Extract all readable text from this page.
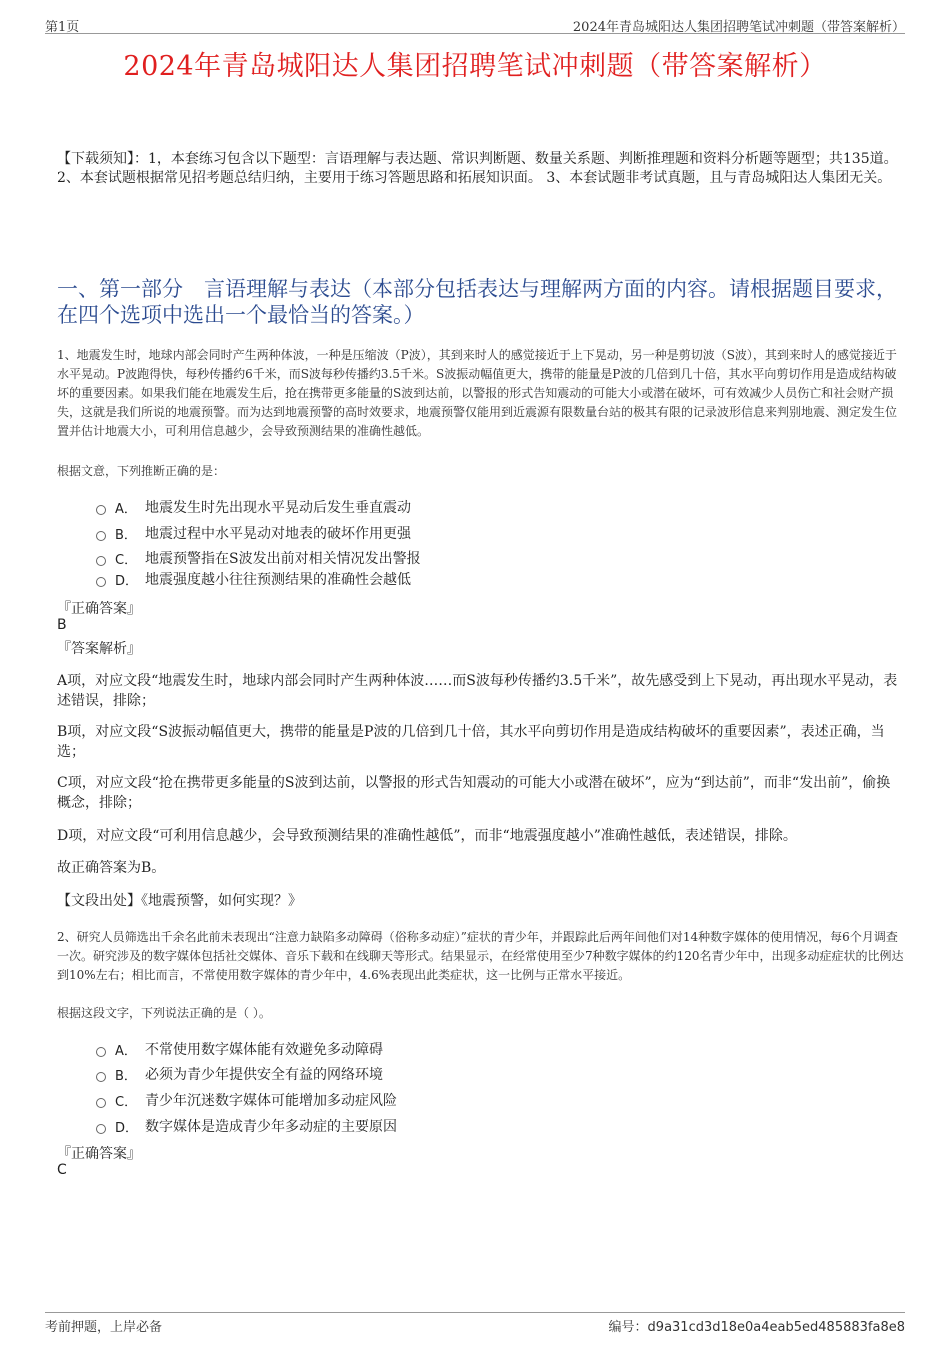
第1页	2024年青岛城阳达人集团招聘笔试冲刺题（带答案解析）
2024年青岛城阳达人集团招聘笔试冲刺题（带答案解析）
【下载须知】：1，本套练习包含以下题型：言语理解与表达题、常识判断题、数量关系题、判断推理题和资料分析题等题型；共135道。 2、本套试题根据常见招考题总结归纳，主要用于练习答题思路和拓展知识面。 3、本套试题非考试真题，且与青岛城阳达人集团无关。
一、第一部分　言语理解与表达（本部分包括表达与理解两方面的内容。请根据题目要求，在四个选项中选出一个最恰当的答案。）
1、地震发生时，地球内部会同时产生两种体波，一种是压缩波（P波），其到来时人的感觉接近于上下晃动，另一种是剪切波（S波），其到来时人的感觉接近于水平晃动。P波跑得快，每秒传播约6千米，而S波每秒传播约3.5千米。S波振动幅值更大，携带的能量是P波的几倍到几十倍，其水平向剪切作用是造成结构破坏的重要因素。如果我们能在地震发生后，抢在携带更多能量的S波到达前，以警报的形式告知震动的可能大小或潜在破坏，可有效减少人员伤亡和社会财产损失，这就是我们所说的地震预警。而为达到地震预警的高时效要求，地震预警仅能用到近震源有限数量台站的极其有限的记录波形信息来判别地震、测定发生位置并估计地震大小，可利用信息越少，会导致预测结果的准确性越低。
根据文意，下列推断正确的是：
A． 地震发生时先出现水平晃动后发生垂直震动
B． 地震过程中水平晃动对地表的破坏作用更强
C． 地震预警指在S波发出前对相关情况发出警报
D． 地震强度越小往往预测结果的准确性会越低
『正确答案』
B
『答案解析』
A项，对应文段“地震发生时，地球内部会同时产生两种体波……而S波每秒传播约3.5千米”，故先感受到上下晃动，再出现水平晃动，表述错误，排除；
B项，对应文段“S波振动幅值更大，携带的能量是P波的几倍到几十倍，其水平向剪切作用是造成结构破坏的重要因素”，表述正确，当选；
C项，对应文段“抢在携带更多能量的S波到达前，以警报的形式告知震动的可能大小或潜在破坏”，应为“到达前”，而非“发出前”，偷换概念，排除；
D项，对应文段“可利用信息越少，会导致预测结果的准确性越低”，而非“地震强度越小”准确性越低，表述错误，排除。
故正确答案为B。
【文段出处】《地震预警，如何实现？》
2、研究人员筛选出千余名此前未表现出“注意力缺陷多动障碍（俗称多动症）”症状的青少年，并跟踪此后两年间他们对14种数字媒体的使用情况，每6个月调查一次。研究涉及的数字媒体包括社交媒体、音乐下载和在线聊天等形式。结果显示，在经常使用至少7种数字媒体的约120名青少年中，出现多动症症状的比例达到10%左右；相比而言，不常使用数字媒体的青少年中，4.6%表现出此类症状，这一比例与正常水平接近。
根据这段文字，下列说法正确的是（ ）。
A． 不常使用数字媒体能有效避免多动障碍
B． 必须为青少年提供安全有益的网络环境
C． 青少年沉迷数字媒体可能增加多动症风险
D． 数字媒体是造成青少年多动症的主要原因
『正确答案』
C
考前押题，上岸必备	编号：d9a31cd3d18e0a4eab5ed485883fa8e8
